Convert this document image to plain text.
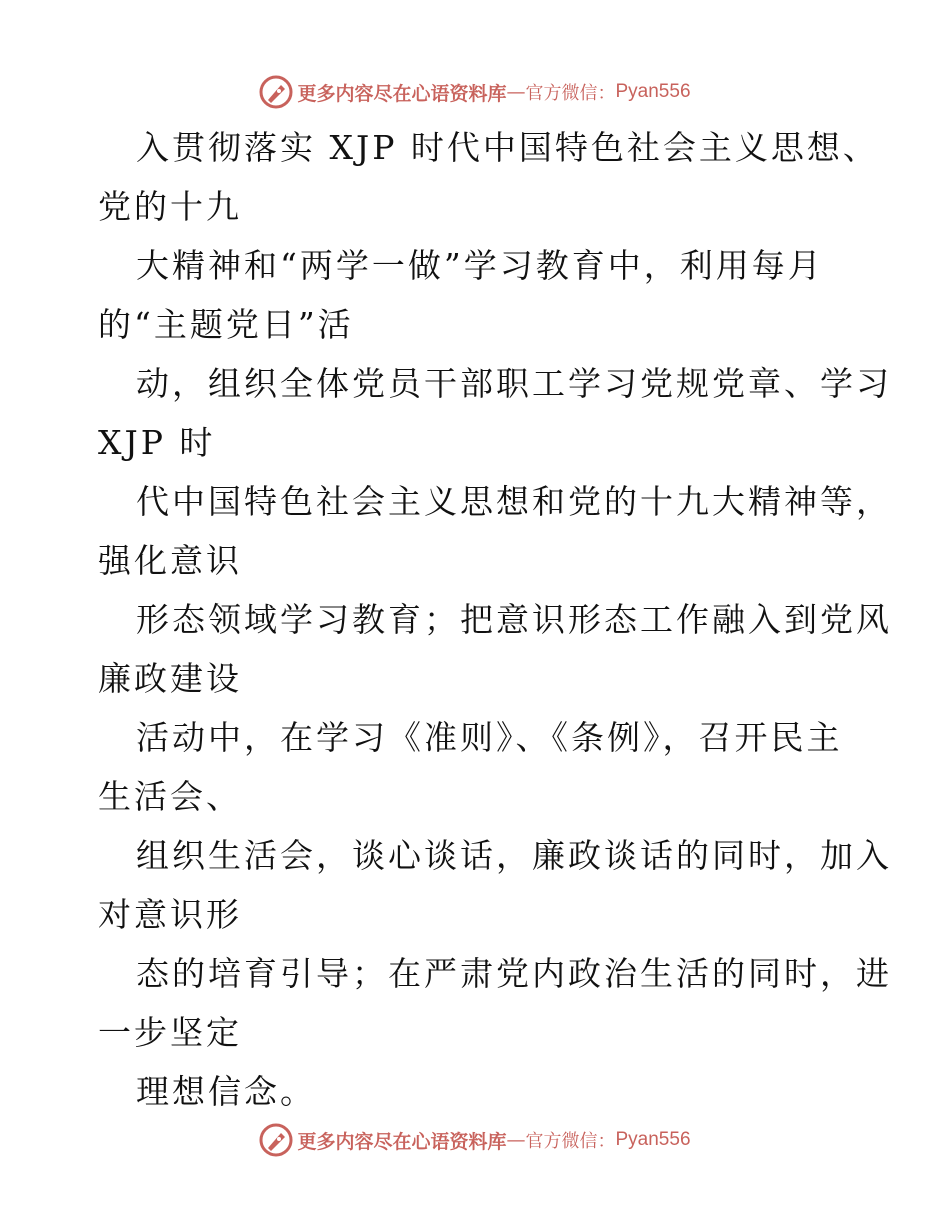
更多内容尽在心语资料库 — 官方微信： Pyan556
入贯彻落实 XJP 时代中国特色社会主义思想、
党的十九
大精神和“两学一做”学习教育中，利用每月
的“主题党日”活
动，组织全体党员干部职工学习党规党章、学习
XJP 时
代中国特色社会主义思想和党的十九大精神等，
强化意识
形态领域学习教育；把意识形态工作融入到党风
廉政建设
活动中，在学习《准则》、《条例》，召开民主
生活会、
组织生活会，谈心谈话，廉政谈话的同时，加入
对意识形
态的培育引导；在严肃党内政治生活的同时，进
一步坚定
理想信念。
更多内容尽在心语资料库 — 官方微信： Pyan556
